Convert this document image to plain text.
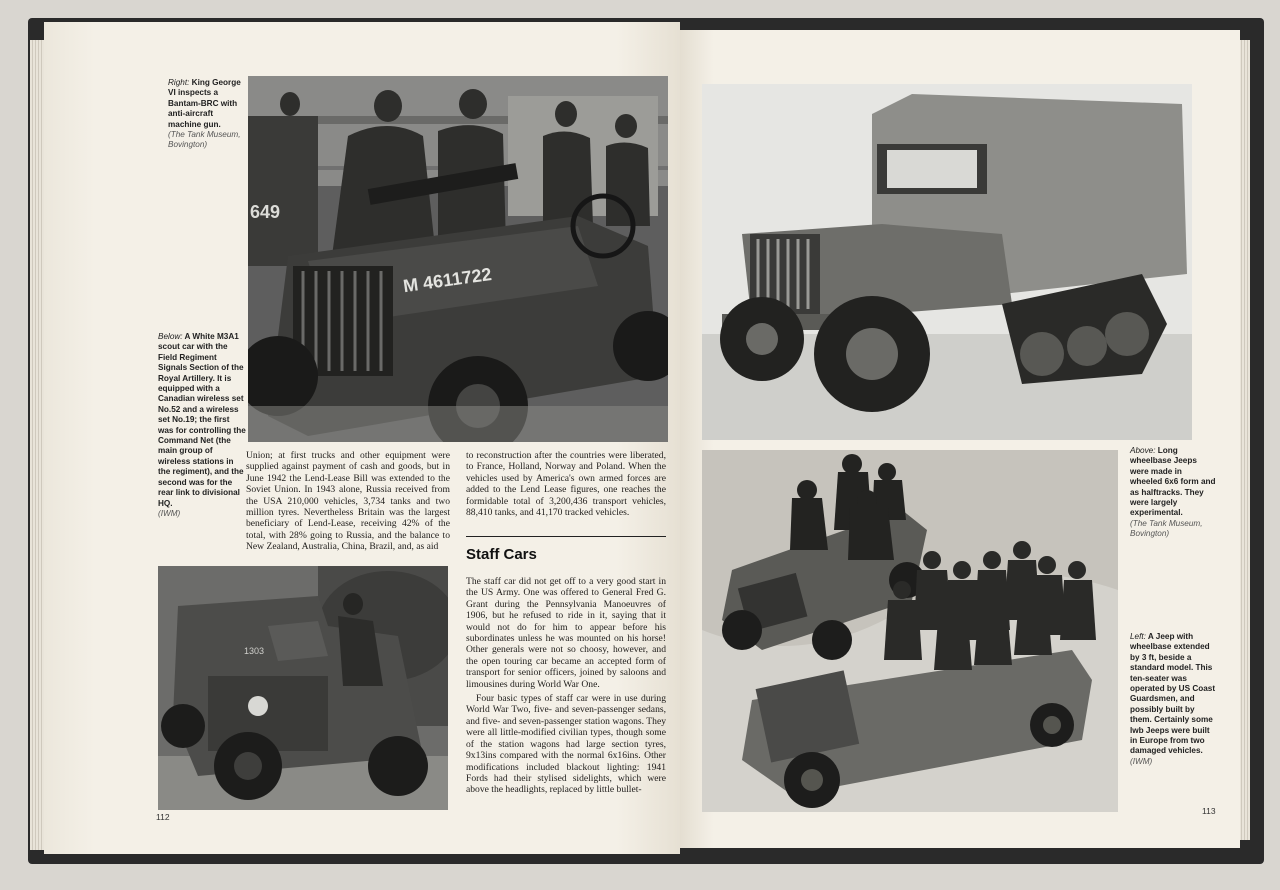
Right: King George VI inspects a Bantam-BRC with anti-aircraft machine gun.
(The Tank Museum, Bovington)
649
M 4611722
Below: A White M3A1 scout car with the Field Regiment Signals Section of the Royal Artillery. It is equipped with a Canadian wireless set No.52 and a wireless set No.19; the first was for controlling the Command Net (the main group of wireless stations in the regiment), and the second was for the rear link to divisional HQ.
(IWM)

Union; at first trucks and other equipment were supplied against payment of cash and goods, but in June 1942 the Lend-Lease Bill was extended to the Soviet Union. In 1943 alone, Russia received from the USA 210,000 vehicles, 3,734 tanks and two million tyres. Nevertheless Britain was the largest beneficiary of Lend-Lease, receiving 42% of the total, with 28% going to Russia, and the balance to New Zealand, Australia, China, Brazil, and, as aid

to reconstruction after the countries were liberated, to France, Holland, Norway and Poland. When the vehicles used by America's own armed forces are added to the Lend Lease figures, one reaches the formidable total of 3,200,436 transport vehicles, 88,410 tanks, and 41,170 tracked vehicles.

Staff Cars

The staff car did not get off to a very good start in the US Army. One was offered to General Fred G. Grant during the Pennsylvania Manoeuvres of 1906, but he refused to ride in it, saying that it would not do for him to appear before his subordinates unless he was mounted on his horse! Other generals were not so choosy, however, and the open touring car became an accepted form of transport for senior officers, joined by saloons and limousines during World War One.

Four basic types of staff car were in use during World War Two, five- and seven-passenger sedans, and five- and seven-passenger station wagons. They were all little-modified civilian types, though some of the station wagons had large section tyres, 9x13ins compared with the normal 6x16ins. Other modifications included blackout lighting: 1941 Fords had their stylised sidelights, which were above the headlights, replaced by little bullet-

1303
112
Above: Long wheelbase Jeeps were made in wheeled 6x6 form and as halftracks. They were largely experimental.
(The Tank Museum, Bovington)
Left: A Jeep with wheelbase extended by 3 ft, beside a standard model. This ten-seater was operated by US Coast Guardsmen, and possibly built by them. Certainly some lwb Jeeps were built in Europe from two damaged vehicles.
(IWM)
113
